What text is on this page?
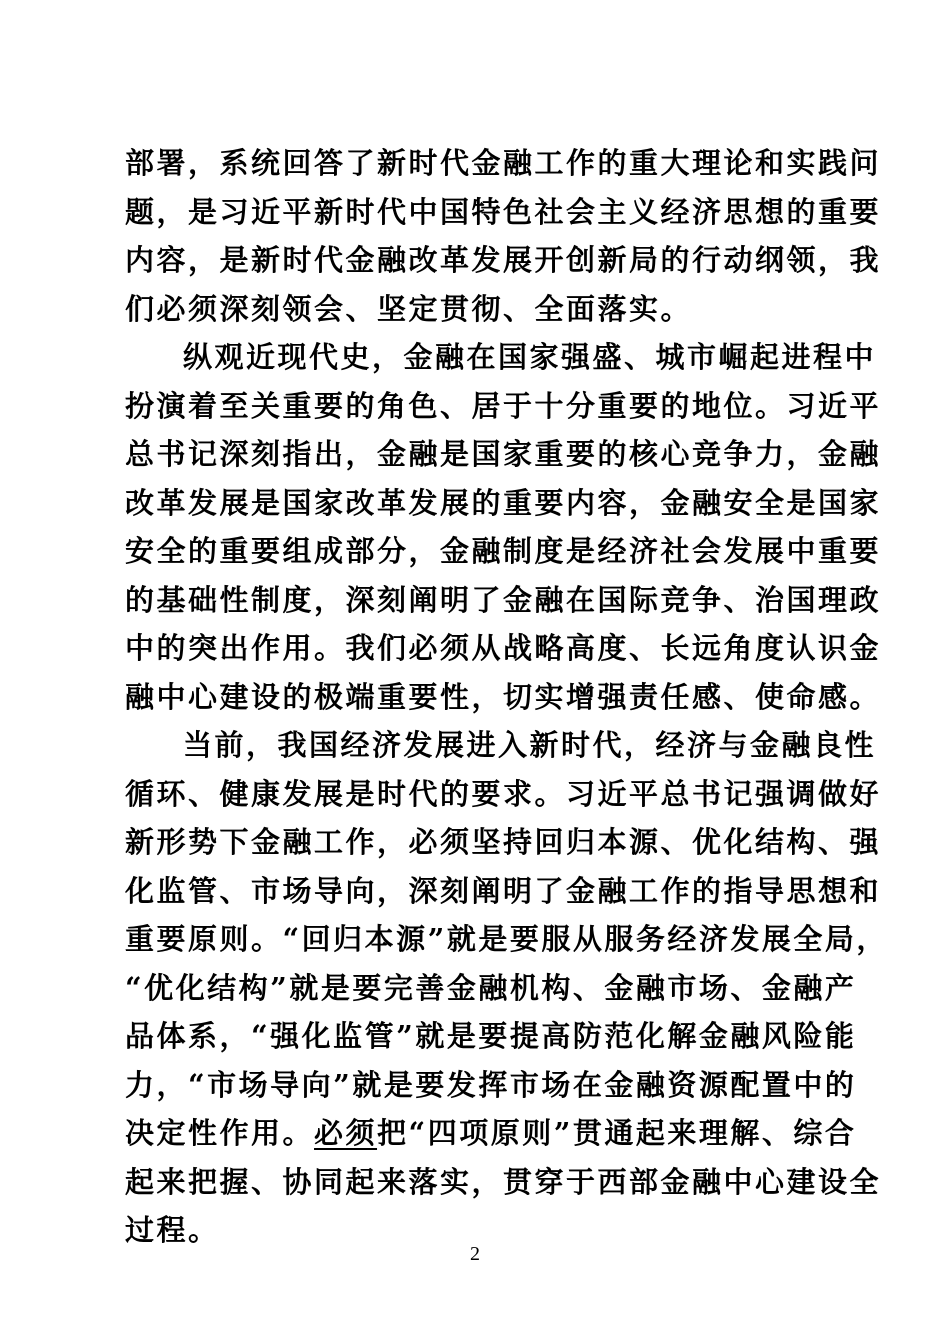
部署，系统回答了新时代金融工作的重大理论和实践问
题，是习近平新时代中国特色社会主义经济思想的重要
内容，是新时代金融改革发展开创新局的行动纲领，我
们必须深刻领会、坚定贯彻、全面落实。
纵观近现代史，金融在国家强盛、城市崛起进程中
扮演着至关重要的角色、居于十分重要的地位。习近平
总书记深刻指出，金融是国家重要的核心竞争力，金融
改革发展是国家改革发展的重要内容，金融安全是国家
安全的重要组成部分，金融制度是经济社会发展中重要
的基础性制度，深刻阐明了金融在国际竞争、治国理政
中的突出作用。我们必须从战略高度、长远角度认识金
融中心建设的极端重要性，切实增强责任感、使命感。
当前，我国经济发展进入新时代，经济与金融良性
循环、健康发展是时代的要求。习近平总书记强调做好
新形势下金融工作，必须坚持回归本源、优化结构、强
化监管、市场导向，深刻阐明了金融工作的指导思想和
重要原则。“回归本源”就是要服从服务经济发展全局，
“优化结构”就是要完善金融机构、金融市场、金融产
品体系，“强化监管”就是要提高防范化解金融风险能
力，“市场导向”就是要发挥市场在金融资源配置中的
决定性作用。必须把“四项原则”贯通起来理解、综合
起来把握、协同起来落实，贯穿于西部金融中心建设全
过程。
2
